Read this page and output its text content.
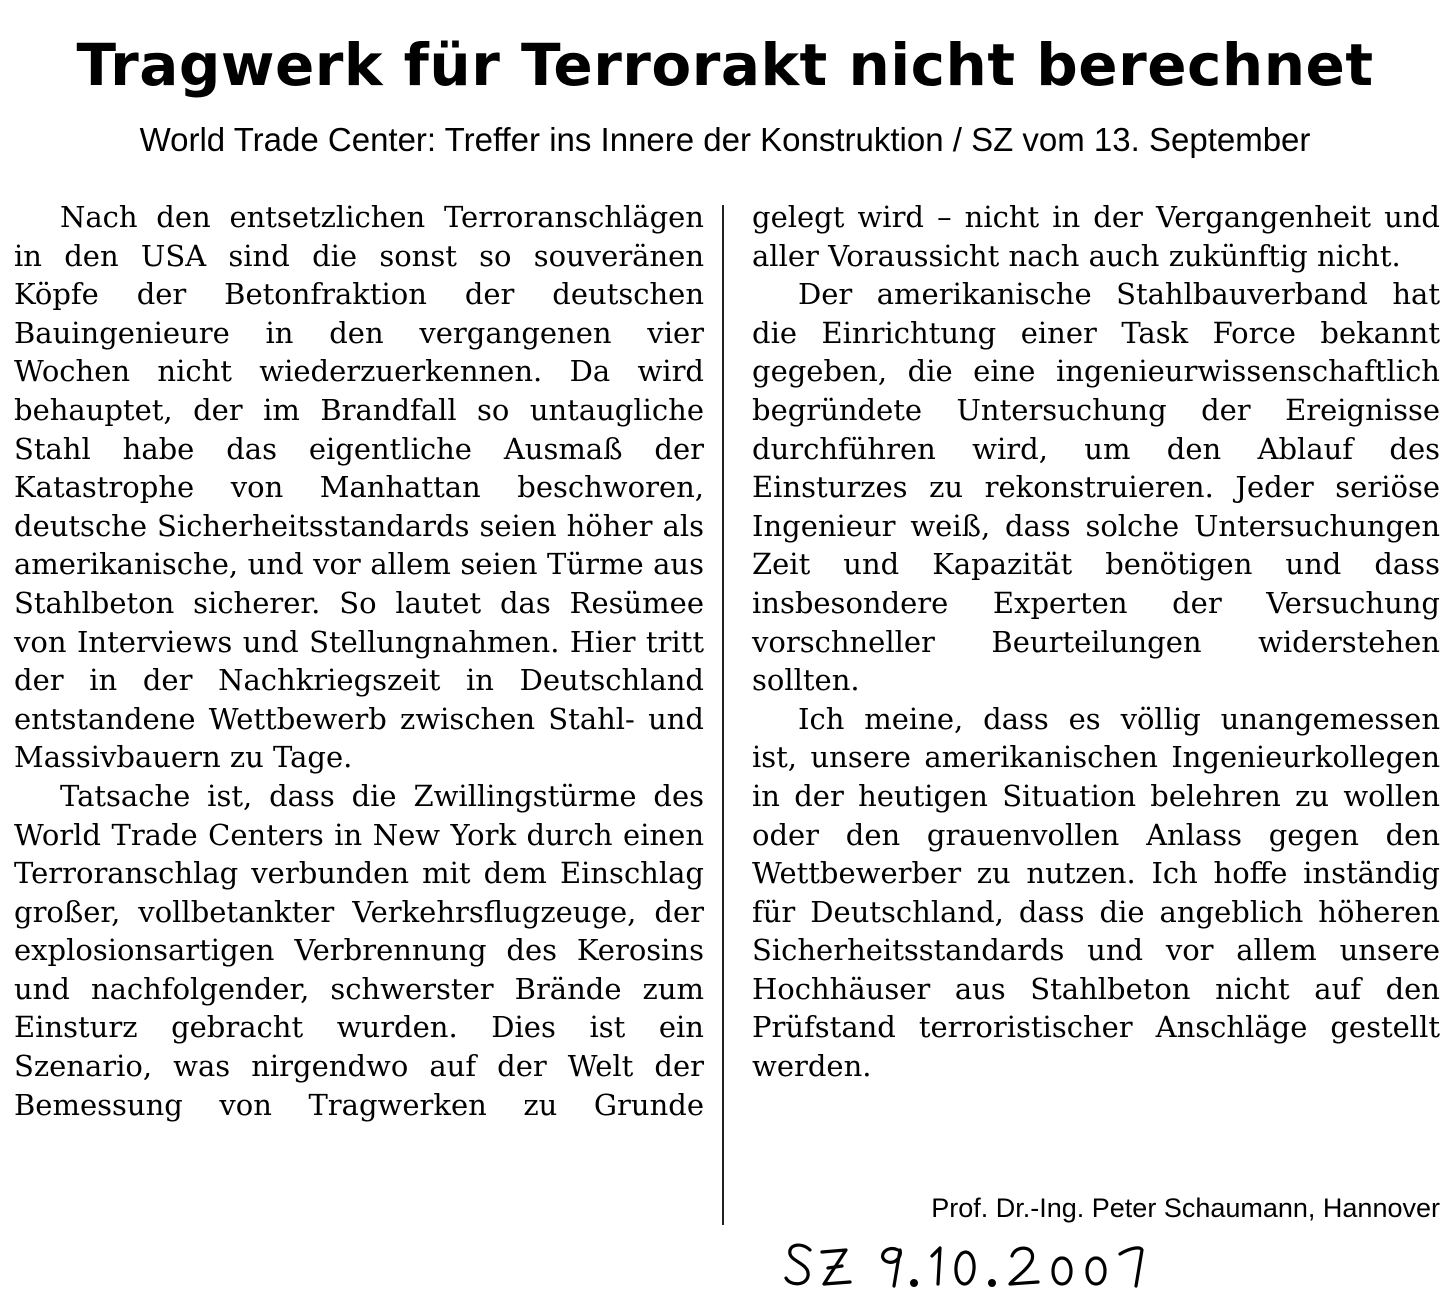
Tragwerk für Terrorakt nicht berechnet
World Trade Center: Treffer ins Innere der Konstruktion / SZ vom 13. September

Nach den entsetzlichen Terroranschlägen in den USA sind die sonst so souveränen Köpfe der Betonfraktion der deutschen Bauingenieure in den vergangenen vier Wochen nicht wiederzuerkennen. Da wird behauptet, der im Brandfall so untaugliche Stahl habe das eigentliche Ausmaß der Katastrophe von Manhattan beschworen, deutsche Sicherheitsstandards seien höher als amerikanische, und vor allem seien Türme aus Stahlbeton sicherer. So lautet das Resümee von Interviews und Stellungnahmen. Hier tritt der in der Nachkriegszeit in Deutschland entstandene Wettbewerb zwischen Stahl- und Massivbauern zu Tage.

Tatsache ist, dass die Zwillingstürme des World Trade Centers in New York durch einen Terroranschlag verbunden mit dem Einschlag großer, vollbetankter Verkehrsflugzeuge, der explosionsartigen Verbrennung des Kerosins und nachfolgender, schwerster Brände zum Einsturz gebracht wurden. Dies ist ein Szenario, was nirgendwo auf der Welt der Bemessung von Tragwerken zu Grunde

gelegt wird – nicht in der Vergangenheit und aller Voraussicht nach auch zukünftig nicht.

Der amerikanische Stahlbauverband hat die Einrichtung einer Task Force bekannt gegeben, die eine ingenieurwissenschaftlich begründete Untersuchung der Ereignisse durchführen wird, um den Ablauf des Einsturzes zu rekonstruieren. Jeder seriöse Ingenieur weiß, dass solche Untersuchungen Zeit und Kapazität benötigen und dass insbesondere Experten der Versuchung vorschneller Beurteilungen widerstehen sollten.

Ich meine, dass es völlig unangemessen ist, unsere amerikanischen Ingenieurkollegen in der heutigen Situation belehren zu wollen oder den grauenvollen Anlass gegen den Wettbewerber zu nutzen. Ich hoffe inständig für Deutschland, dass die angeblich höheren Sicherheitsstandards und vor allem unsere Hochhäuser aus Stahlbeton nicht auf den Prüfstand terroristischer Anschläge gestellt werden.

Prof. Dr.-Ing. Peter Schaumann, Hannover
